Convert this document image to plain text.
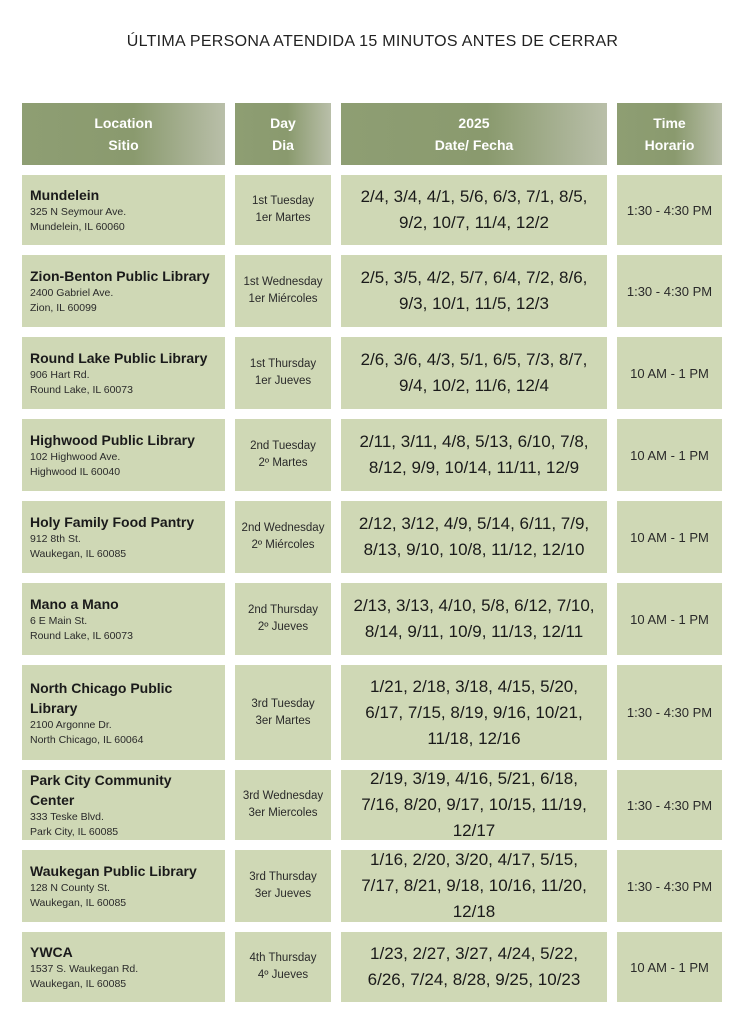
ÚLTIMA PERSONA ATENDIDA 15 MINUTOS ANTES DE CERRAR
Location
Sitio
Day
Dia
2025
Date/ Fecha
Time
Horario
Mundelein
325 N Seymour Ave.
Mundelein, IL 60060
1st Tuesday
1er Martes
2/4, 3/4, 4/1, 5/6, 6/3, 7/1, 8/5, 9/2, 10/7, 11/4, 12/2
1:30 - 4:30 PM
Zion-Benton Public Library
2400 Gabriel Ave.
Zion, IL 60099
1st Wednesday
1er Miércoles
2/5, 3/5, 4/2, 5/7, 6/4, 7/2, 8/6, 9/3, 10/1, 11/5, 12/3
1:30 - 4:30 PM
Round Lake Public Library
906 Hart Rd.
Round Lake, IL 60073
1st Thursday
1er Jueves
2/6, 3/6, 4/3, 5/1, 6/5, 7/3, 8/7, 9/4, 10/2, 11/6, 12/4
10 AM - 1 PM
Highwood Public Library
102 Highwood Ave.
Highwood IL 60040
2nd Tuesday
2º Martes
2/11, 3/11, 4/8, 5/13, 6/10, 7/8, 8/12, 9/9, 10/14, 11/11, 12/9
10 AM - 1 PM
Holy Family Food Pantry
912 8th St.
Waukegan, IL 60085
2nd Wednesday
2º Miércoles
2/12, 3/12, 4/9, 5/14, 6/11, 7/9, 8/13, 9/10, 10/8, 11/12, 12/10
10 AM - 1 PM
Mano a Mano
6 E Main St.
Round Lake, IL 60073
2nd Thursday
2º Jueves
2/13, 3/13, 4/10, 5/8, 6/12, 7/10, 8/14, 9/11, 10/9, 11/13, 12/11
10 AM - 1 PM
North Chicago Public Library
2100 Argonne Dr.
North Chicago, IL 60064
3rd Tuesday
3er Martes
1/21, 2/18, 3/18, 4/15, 5/20, 6/17, 7/15, 8/19, 9/16, 10/21, 11/18, 12/16
1:30 - 4:30 PM
Park City Community Center
333 Teske Blvd.
Park City, IL 60085
3rd Wednesday
3er Miercoles
2/19, 3/19, 4/16, 5/21, 6/18, 7/16, 8/20, 9/17, 10/15, 11/19, 12/17
1:30 - 4:30 PM
Waukegan Public Library
128 N County St.
Waukegan, IL 60085
3rd Thursday
3er Jueves
1/16, 2/20, 3/20, 4/17, 5/15, 7/17, 8/21, 9/18, 10/16, 11/20, 12/18
1:30 - 4:30 PM
YWCA
1537 S. Waukegan Rd.
Waukegan, IL 60085
4th Thursday
4º Jueves
1/23, 2/27, 3/27, 4/24, 5/22, 6/26, 7/24, 8/28, 9/25, 10/23
10 AM - 1 PM
